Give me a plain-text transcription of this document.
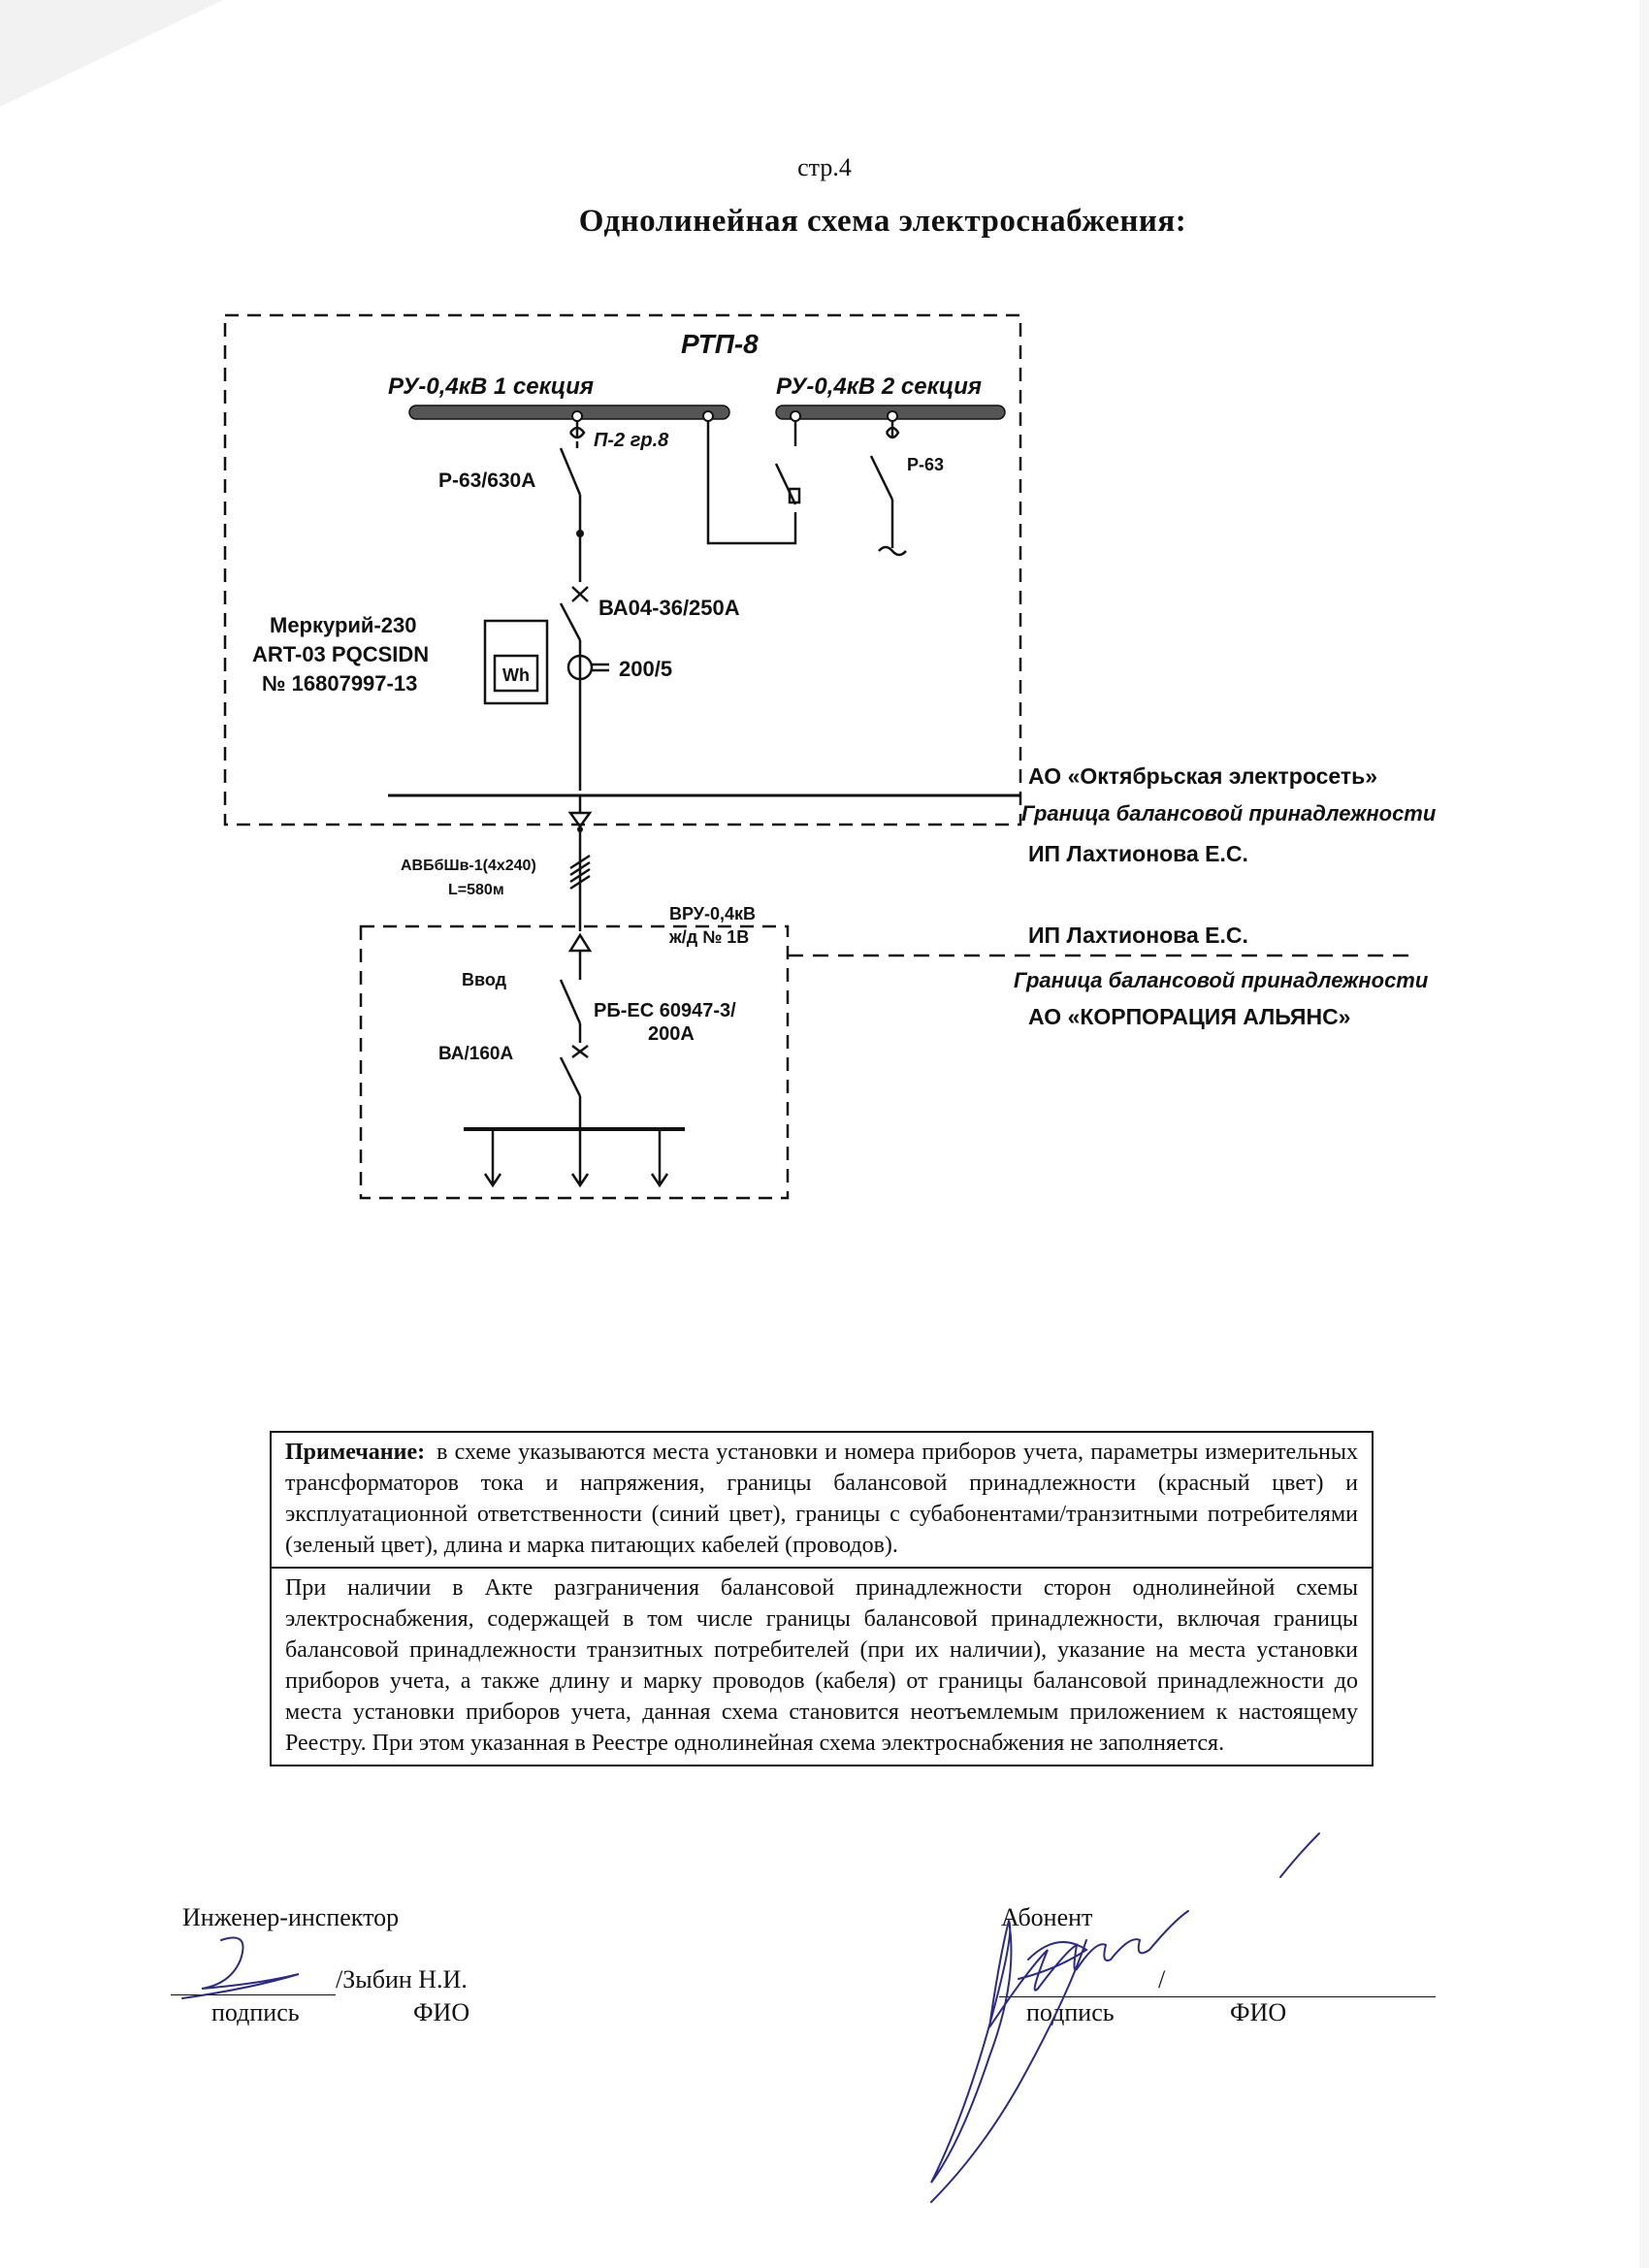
стр.4
Однолинейная схема электроснабжения:
РТП-8
РУ-0,4кВ 1 секция	РУ-0,4кВ 2 секция
П-2 гр.8
Р-63/630А
Р-63
ВА04-36/250А
Меркурий-230
ART-03 PQCSIDN
№ 16807997-13	Wh	200/5
АО «Октябрьская электросеть»
Граница балансовой принадлежности
ИП Лахтионова Е.С.
АВБбШв-1(4х240)
L=580м
ВРУ-0,4кВ
ж/д № 1В	ИП Лахтионова Е.С.
Граница балансовой принадлежности
АО «КОРПОРАЦИЯ АЛЬЯНС»
Ввод
РБ-ЕС 60947-3/
200А
ВА/160А
Примечание: в схеме указываются места установки и номера приборов учета, параметры измерительных трансформаторов тока и напряжения, границы балансовой принадлежности (красный цвет) и эксплуатационной ответственности (синий цвет), границы с субабонентами/транзитными потребителями (зеленый цвет), длина и марка питающих кабелей (проводов).
При наличии в Акте разграничения балансовой принадлежности сторон однолинейной схемы электроснабжения, содержащей в том числе границы балансовой принадлежности, включая границы балансовой принадлежности транзитных потребителей (при их наличии), указание на места установки приборов учета, а также длину и марку проводов (кабеля) от границы балансовой принадлежности до места установки приборов учета, данная схема становится неотъемлемым приложением к настоящему Реестру. При этом указанная в Реестре однолинейная схема электроснабжения не заполняется.
Инженер-инспектор
/Зыбин Н.И.
подпись	ФИО
Абонент
/
подпись	ФИО
